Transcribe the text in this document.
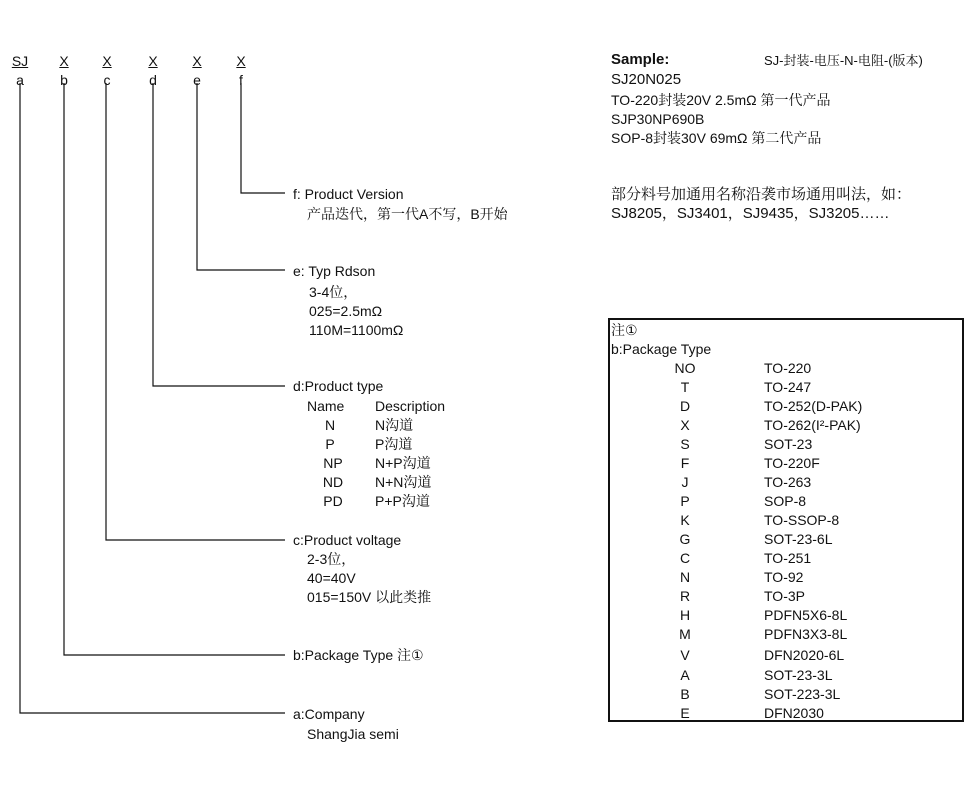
SJ	X	X	X	X	X
a	b	c	d	e	f
f: Product Version
产品迭代，第一代A不写，B开始
e: Typ Rdson
3-4位，
025=2.5mΩ
110M=1100mΩ
d:Product type
Name Description
N	N沟道
P	P沟道
NP	N+P沟道
ND	N+N沟道
PD	P+P沟道
c:Product voltage
2-3位，
40=40V
015=150V 以此类推
b:Package Type 注①
a:Company
ShangJia semi
Sample:	SJ-封装-电压-N-电阻-(版本)
SJ20N025
TO-220封装20V 2.5mΩ 第一代产品
SJP30NP690B
SOP-8封装30V 69mΩ 第二代产品
部分料号加通用名称沿袭市场通用叫法，如：
SJ8205，SJ3401，SJ9435，SJ3205……
注①
b:Package Type
NO	TO-220
T	TO-247
D	TO-252(D-PAK)
X	TO-262(I²-PAK)
S	SOT-23
F	TO-220F
J	TO-263
P	SOP-8
K	TO-SSOP-8
G	SOT-23-6L
C	TO-251
N	TO-92
R	TO-3P
H	PDFN5X6-8L
M	PDFN3X3-8L
V	DFN2020-6L
A	SOT-23-3L
B	SOT-223-3L
E	DFN2030
